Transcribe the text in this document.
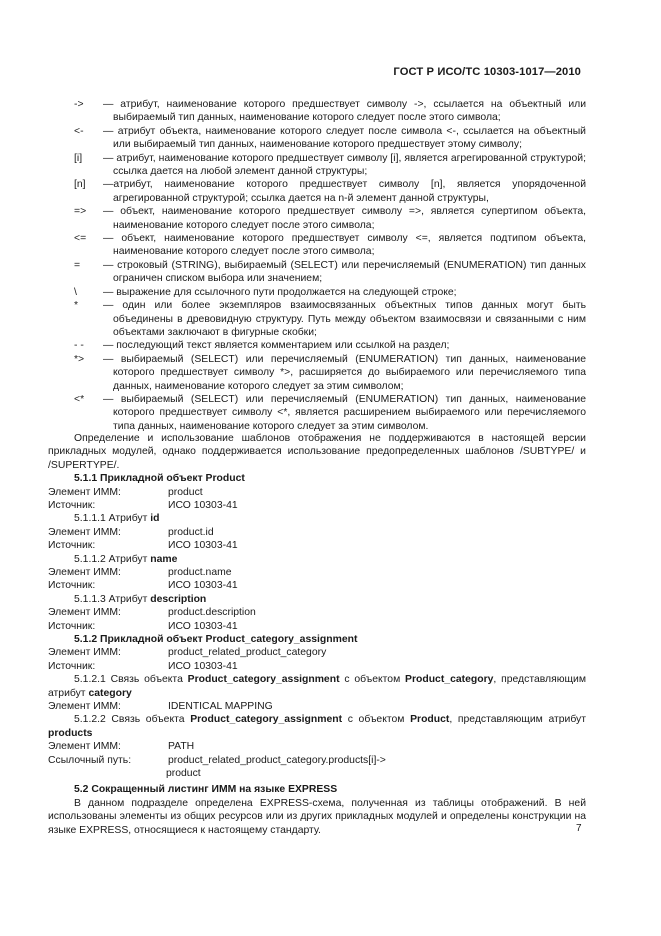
ГОСТ Р ИСО/ТС 10303-1017—2010

-> — атрибут, наименование которого предшествует символу ->, ссылается на объектный или выбираемый тип данных, наименование которого следует после этого символа;

<- — атрибут объекта, наименование которого следует после символа <-, ссылается на объектный или выбираемый тип данных, наименование которого предшествует этому символу;

[i] — атрибут, наименование которого предшествует символу [i], является агрегированной структурой; ссылка дается на любой элемент данной структуры;

[n] —атрибут, наименование которого предшествует символу [n], является упорядоченной агрегированной структурой; ссылка дается на n-й элемент данной структуры,

=> — объект, наименование которого предшествует символу =>, является супертипом объекта, наименование которого следует после этого символа;

<= — объект, наименование которого предшествует символу <=, является подтипом объекта, наименование которого следует после этого символа;

= — строковый (STRING), выбираемый (SELECT) или перечисляемый (ENUMERATION) тип данных ограничен списком выбора или значением;

\	— выражение для ссылочного пути продолжается на следующей строке;

* — один или более экземпляров взаимосвязанных объектных типов данных могут быть объединены в древовидную структуру. Путь между объектом взаимосвязи и связанными с ним объектами заключают в фигурные скобки;

- - — последующий текст является комментарием или ссылкой на раздел;

*> — выбираемый (SELECT) или перечисляемый (ENUMERATION) тип данных, наименование которого предшествует символу *>, расширяется до выбираемого или перечисляемого типа данных, наименование которого следует за этим символом;

<* — выбираемый (SELECT) или перечисляемый (ENUMERATION) тип данных, наименование которого предшествует символу <*, является расширением выбираемого или перечисляемого типа данных, наименование которого следует за этим символом.

Определение и использование шаблонов отображения не поддерживаются в настоящей версии прикладных модулей, однако поддерживается использование предопределенных шаблонов /SUBTYPE/ и /SUPERTYPE/.

5.1.1 Прикладной объект Product

Элемент ИММ:	product
Источник:	ИСО 10303-41

5.1.1.1 Атрибут id

Элемент ИММ:	product.id
Источник:	ИСО 10303-41

5.1.1.2 Атрибут name

Элемент ИММ:	product.name
Источник:	ИСО 10303-41

5.1.1.3 Атрибут description

Элемент ИММ:	product.description
Источник:	ИСО 10303-41

5.1.2 Прикладной объект Product_category_assignment

Элемент ИММ:	product_related_product_category
Источник:	ИСО 10303-41

5.1.2.1 Связь объекта Product_category_assignment с объектом Product_category, представляющим атрибут category

Элемент ИММ:	IDENTICAL MAPPING

5.1.2.2 Связь объекта Product_category_assignment с объектом Product, представляющим атрибут products

Элемент ИММ:	PATH
Ссылочный путь:	product_related_product_category.products[i]->
product

5.2 Сокращенный листинг ИММ на языке EXPRESS

В данном подразделе определена EXPRESS-схема, полученная из таблицы отображений. В ней использованы элементы из общих ресурсов или из других прикладных модулей и определены конструкции на языке EXPRESS, относящиеся к настоящему стандарту.	7
